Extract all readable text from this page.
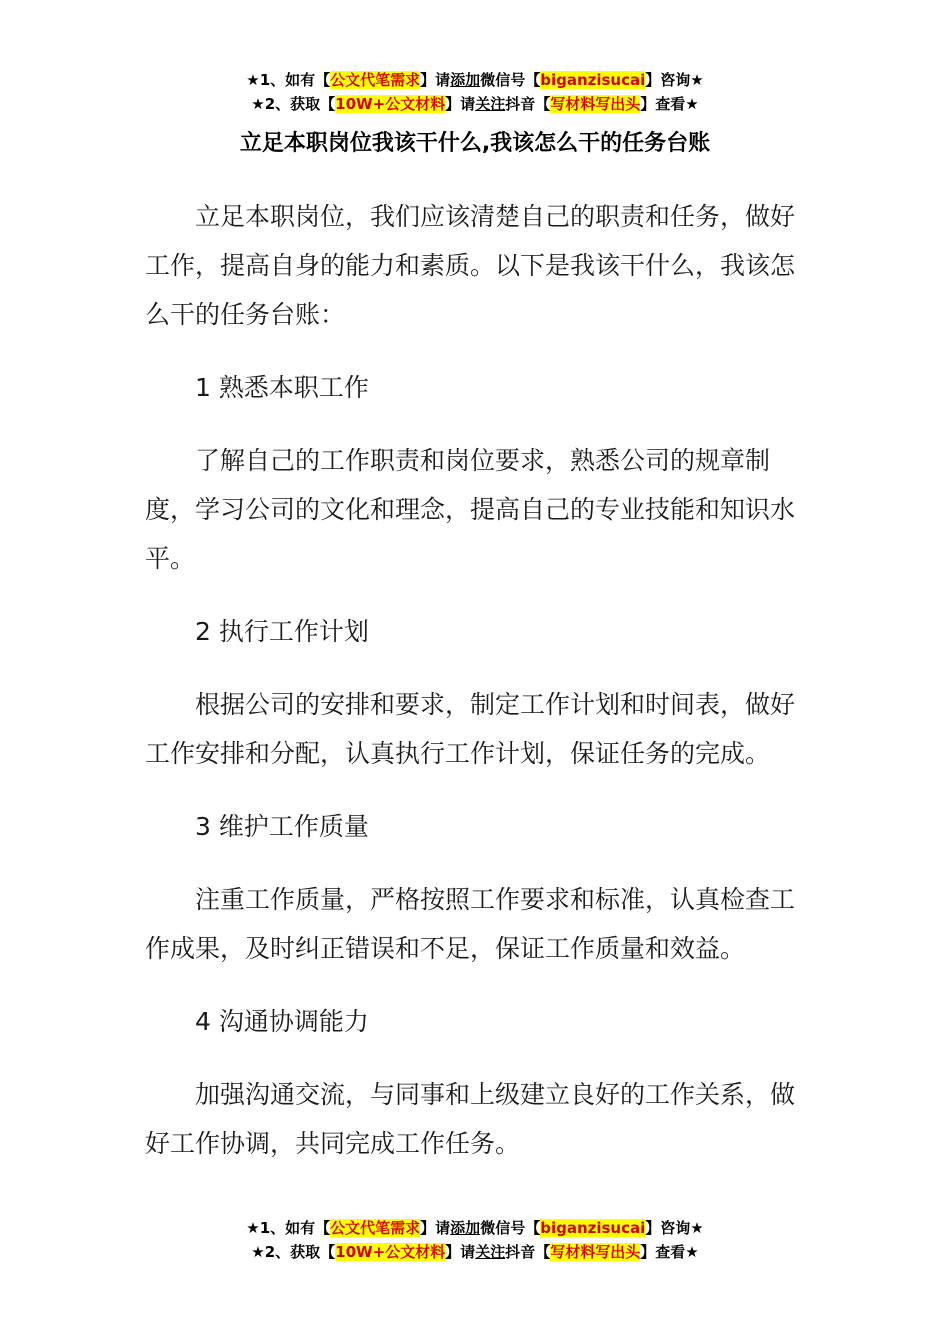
★1、如有【公文代笔需求】请添加微信号【biganzisucai】咨询★
★2、获取【10W+公文材料】请关注抖音【写材料写出头】查看★
立足本职岗位我该干什么,我该怎么干的任务台账

立足本职岗位，我们应该清楚自己的职责和任务，做好工作，提高自身的能力和素质。以下是我该干什么，我该怎么干的任务台账：

1 熟悉本职工作

了解自己的工作职责和岗位要求，熟悉公司的规章制度，学习公司的文化和理念，提高自己的专业技能和知识水平。

2 执行工作计划

根据公司的安排和要求，制定工作计划和时间表，做好工作安排和分配，认真执行工作计划，保证任务的完成。

3 维护工作质量

注重工作质量，严格按照工作要求和标准，认真检查工作成果，及时纠正错误和不足，保证工作质量和效益。

4 沟通协调能力

加强沟通交流，与同事和上级建立良好的工作关系，做好工作协调，共同完成工作任务。

★1、如有【公文代笔需求】请添加微信号【biganzisucai】咨询★
★2、获取【10W+公文材料】请关注抖音【写材料写出头】查看★
